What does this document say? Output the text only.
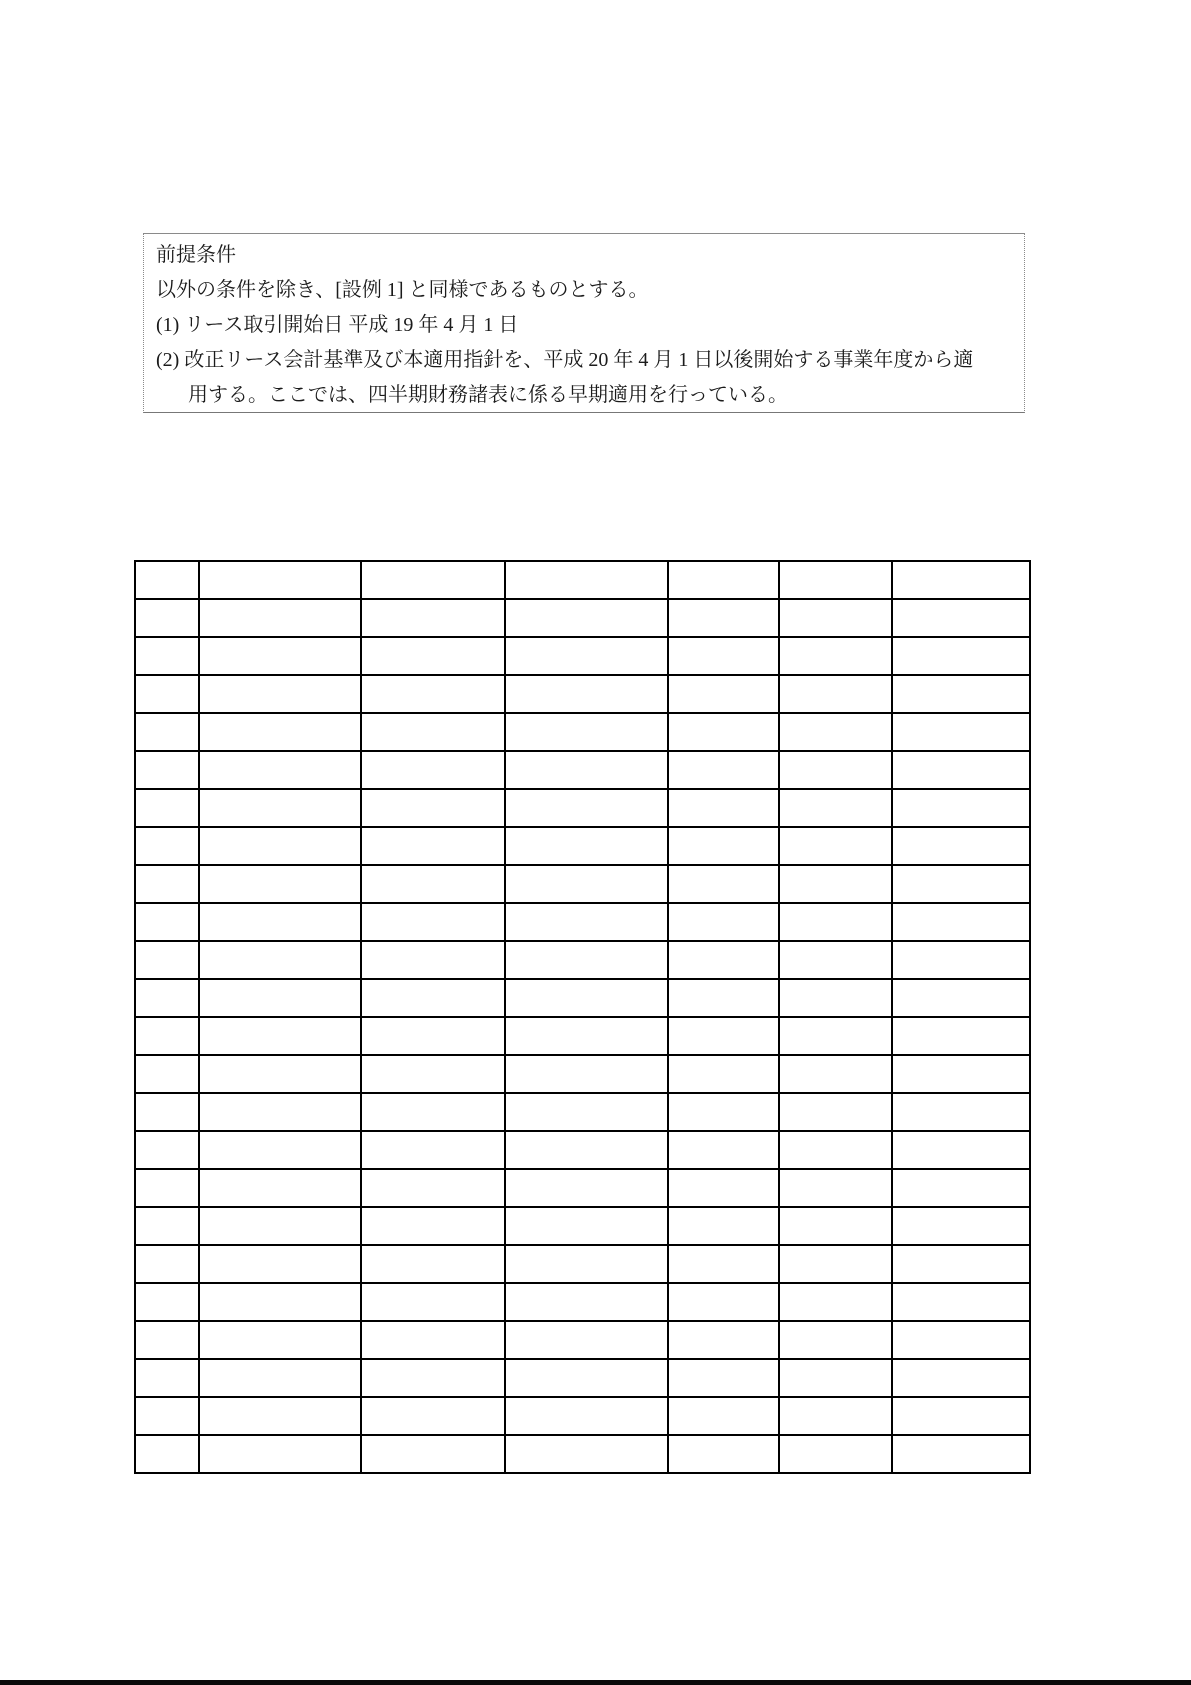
前提条件
以外の条件を除き、[設例 1] と同様であるものとする。
(1) リース取引開始日 平成 19 年 4 月 1 日
(2) 改正リース会計基準及び本適用指針を、平成 20 年 4 月 1 日以後開始する事業年度から適
用する。ここでは、四半期財務諸表に係る早期適用を行っている。
